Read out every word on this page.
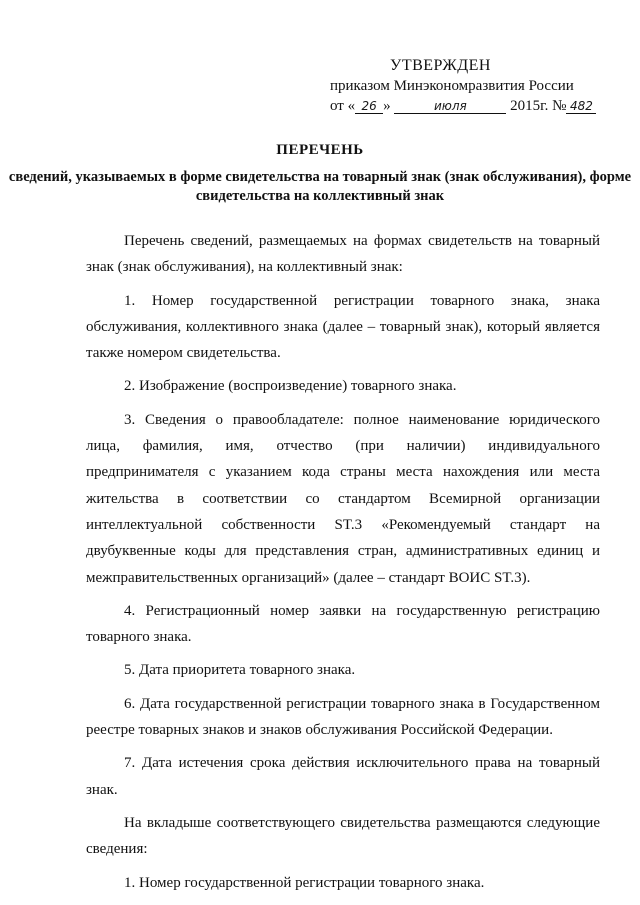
УТВЕРЖДЕН
приказом Минэкономразвития России
от « 26 »	июля	2015г. № 482
ПЕРЕЧЕНЬ
сведений, указываемых в форме свидетельства на товарный знак (знак обслуживания), форме свидетельства на коллективный знак

Перечень сведений, размещаемых на формах свидетельств на товарный знак (знак обслуживания), на коллективный знак:

1. Номер государственной регистрации товарного знака, знака обслуживания, коллективного знака (далее – товарный знак), который является также номером свидетельства.

2. Изображение (воспроизведение) товарного знака.

3. Сведения о правообладателе: полное наименование юридического лица, фамилия, имя, отчество (при наличии) индивидуального предпринимателя с указанием кода страны места нахождения или места жительства в соответствии со стандартом Всемирной организации интеллектуальной собственности ST.3 «Рекомендуемый стандарт на двубуквенные коды для представления стран, административных единиц и межправительственных организаций» (далее – стандарт ВОИС ST.3).

4. Регистрационный номер заявки на государственную регистрацию товарного знака.

5. Дата приоритета товарного знака.

6. Дата государственной регистрации товарного знака в Государственном реестре товарных знаков и знаков обслуживания Российской Федерации.

7. Дата истечения срока действия исключительного права на товарный знак.

На вкладыше соответствующего свидетельства размещаются следующие сведения:

1. Номер государственной регистрации товарного знака.
